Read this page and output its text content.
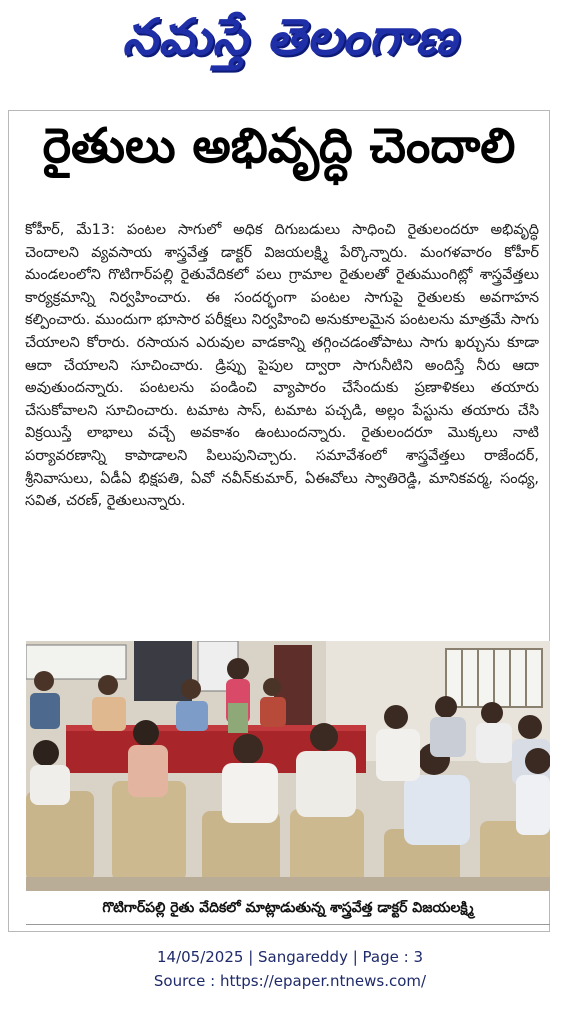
నమస్తే తెలంగాణ
రైతులు అభివృద్ధి చెందాలి
కోహీర్, మే13: పంటల సాగులో అధిక దిగుబడులు సాధించి రైతులందరూ అభివృద్ధి చెందాలని వ్యవసాయ శాస్త్రవేత్త డాక్టర్ విజయలక్ష్మి పేర్కొన్నారు. మంగళవారం కోహీర్ మండలంలోని గొటిగార్‌పల్లి రైతువేదికలో పలు గ్రామాల రైతులతో రైతుముంగిట్లో శాస్త్రవేత్తలు కార్యక్రమాన్ని నిర్వహించారు. ఈ సందర్భంగా పంటల సాగుపై రైతులకు అవగాహన కల్పించారు. ముందుగా భూసార పరీక్షలు నిర్వహించి అనుకూలమైన పంటలను మాత్రమే సాగు చేయాలని కోరారు. రసాయన ఎరువుల వాడకాన్ని తగ్గించడంతోపాటు సాగు ఖర్చును కూడా ఆదా చేయాలని సూచించారు. డ్రిప్పు పైపుల ద్వారా సాగునీటిని అందిస్తే నీరు ఆదా అవుతుందన్నారు. పంటలను పండించి వ్యాపారం చేసేందుకు ప్రణాళికలు తయారు చేసుకోవాలని సూచించారు. టమాట సాస్, టమాట పచ్చడి, అల్లం పేస్టును తయారు చేసి విక్రయిస్తే లాభాలు వచ్చే అవకాశం ఉంటుందన్నారు. రైతులందరూ మొక్కలు నాటి పర్యావరణాన్ని కాపాడాలని పిలుపునిచ్చారు. సమావేశంలో శాస్త్రవేత్తలు రాజేందర్, శ్రీనివాసులు, ఏడీఏ భిక్షపతి, ఏవో నవీన్‌కుమార్, ఏఈవోలు స్వాతిరెడ్డి, మానికవర్మ, సంధ్య, సవిత, చరణ్, రైతులున్నారు.
గొటిగార్‌పల్లి రైతు వేదికలో మాట్లాడుతున్న శాస్త్రవేత్త డాక్టర్ విజయలక్ష్మి
14/05/2025 | Sangareddy | Page : 3
Source : https://epaper.ntnews.com/
